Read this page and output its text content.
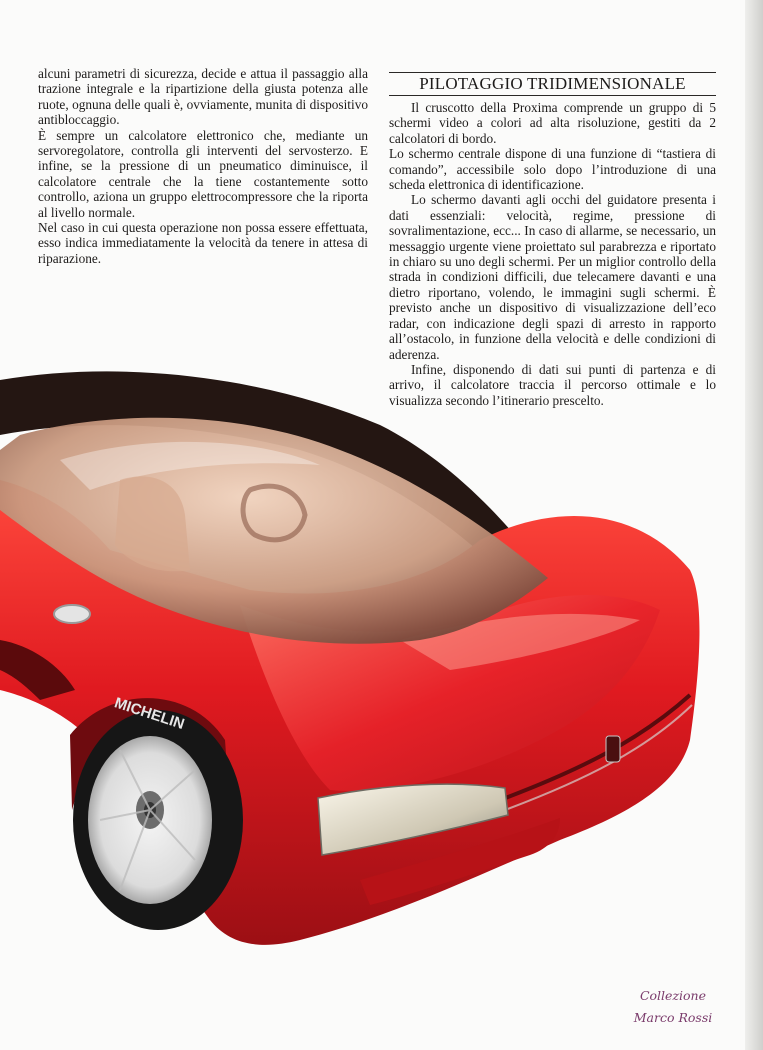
alcuni parametri di sicurezza, decide e attua il passaggio alla trazione integrale e la ripartizione della giusta potenza alle ruote, ognuna delle quali è, ovviamente, munita di dispositivo antibloccaggio.

È sempre un calcolatore elettronico che, mediante un servoregolatore, controlla gli interventi del servosterzo. E infine, se la pressione di un pneumatico diminuisce, il calcolatore centrale che la tiene costantemente sotto controllo, aziona un gruppo elettrocompressore che la riporta al livello normale.

Nel caso in cui questa operazione non possa essere effettuata, esso indica immediatamente la velocità da tenere in attesa di riparazione.

PILOTAGGIO TRIDIMENSIONALE

Il cruscotto della Proxima comprende un gruppo di 5 schermi video a colori ad alta risoluzione, gestiti da 2 calcolatori di bordo.

Lo schermo centrale dispone di una funzione di “tastiera di comando”, accessibile solo dopo l’introduzione di una scheda elettronica di identificazione.

Lo schermo davanti agli occhi del guidatore presenta i dati essenziali: velocità, regime, pressione di sovralimentazione, ecc... In caso di allarme, se necessario, un messaggio urgente viene proiettato sul parabrezza e riportato in chiaro su uno degli schermi. Per un miglior controllo della strada in condizioni difficili, due telecamere davanti e una dietro riportano, volendo, le immagini sugli schermi. È previsto anche un dispositivo di visualizzazione dell’eco radar, con indicazione degli spazi di arresto in rapporto all’ostacolo, in funzione della velocità e delle condizioni di aderenza.

Infine, disponendo di dati sui punti di partenza e di arrivo, il calcolatore traccia il percorso ottimale e lo visualizza secondo l’itinerario prescelto.

MICHELIN
Collezione
Marco Rossi
